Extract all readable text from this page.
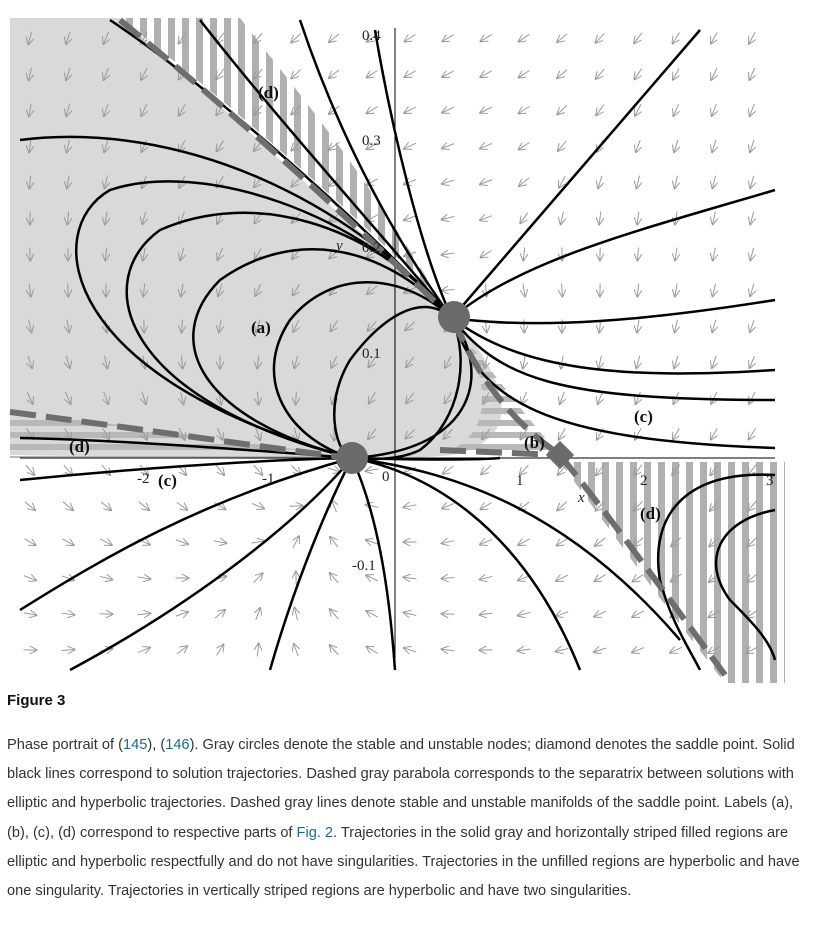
0.4
0.3
0.2
0.1
-0.1
-2	-1	0	1	2	3
y
x
(a)
(b)
(c)
(c)
(d)
(d)
(d)
Figure 3
Phase portrait of (145), (146). Gray circles denote the stable and unstable nodes; diamond denotes the saddle point. Solid black lines correspond to solution trajectories. Dashed gray parabola corresponds to the separatrix between solutions with elliptic and hyperbolic trajectories. Dashed gray lines denote stable and unstable manifolds of the saddle point. Labels (a), (b), (c), (d) correspond to respective parts of Fig. 2. Trajectories in the solid gray and horizontally striped filled regions are elliptic and hyperbolic respectfully and do not have singularities. Trajectories in the unfilled regions are hyperbolic and have one singularity. Trajectories in vertically striped regions are hyperbolic and have two singularities.
